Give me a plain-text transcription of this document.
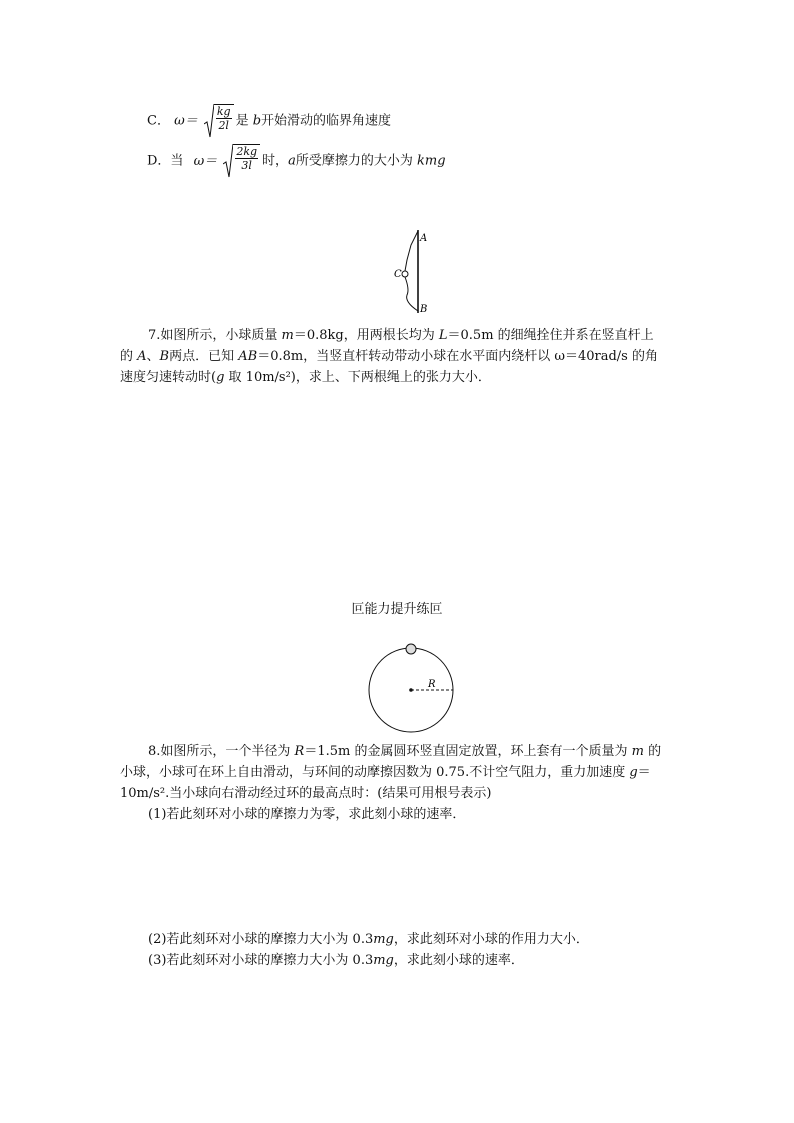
C． $\omega= \frac{kg}{2l}$ 是 b开始滑动的临界角速度
D．当 $\omega= \frac{2kg}{3l}$ 时，a所受摩擦力的大小为 kmg
A
B
C
7.如图所示，小球质量 m＝0.8kg，用两根长均为 L＝0.5m 的细绳拴住并系在竖直杆上
的 A、B两点．已知 AB＝0.8m，当竖直杆转动带动小球在水平面内绕杆以 ω＝40rad/s 的角
速度匀速转动时(g 取 10m/s²)，求上、下两根绳上的张力大小．
叵能力提升练叵
R
8.如图所示，一个半径为 R＝1.5m 的金属圆环竖直固定放置，环上套有一个质量为 m 的
小球，小球可在环上自由滑动，与环间的动摩擦因数为 0.75.不计空气阻力，重力加速度 g＝
10m/s².当小球向右滑动经过环的最高点时：(结果可用根号表示)
(1)若此刻环对小球的摩擦力为零，求此刻小球的速率．
(2)若此刻环对小球的摩擦力大小为 0.3mg，求此刻环对小球的作用力大小．
(3)若此刻环对小球的摩擦力大小为 0.3mg，求此刻小球的速率．
